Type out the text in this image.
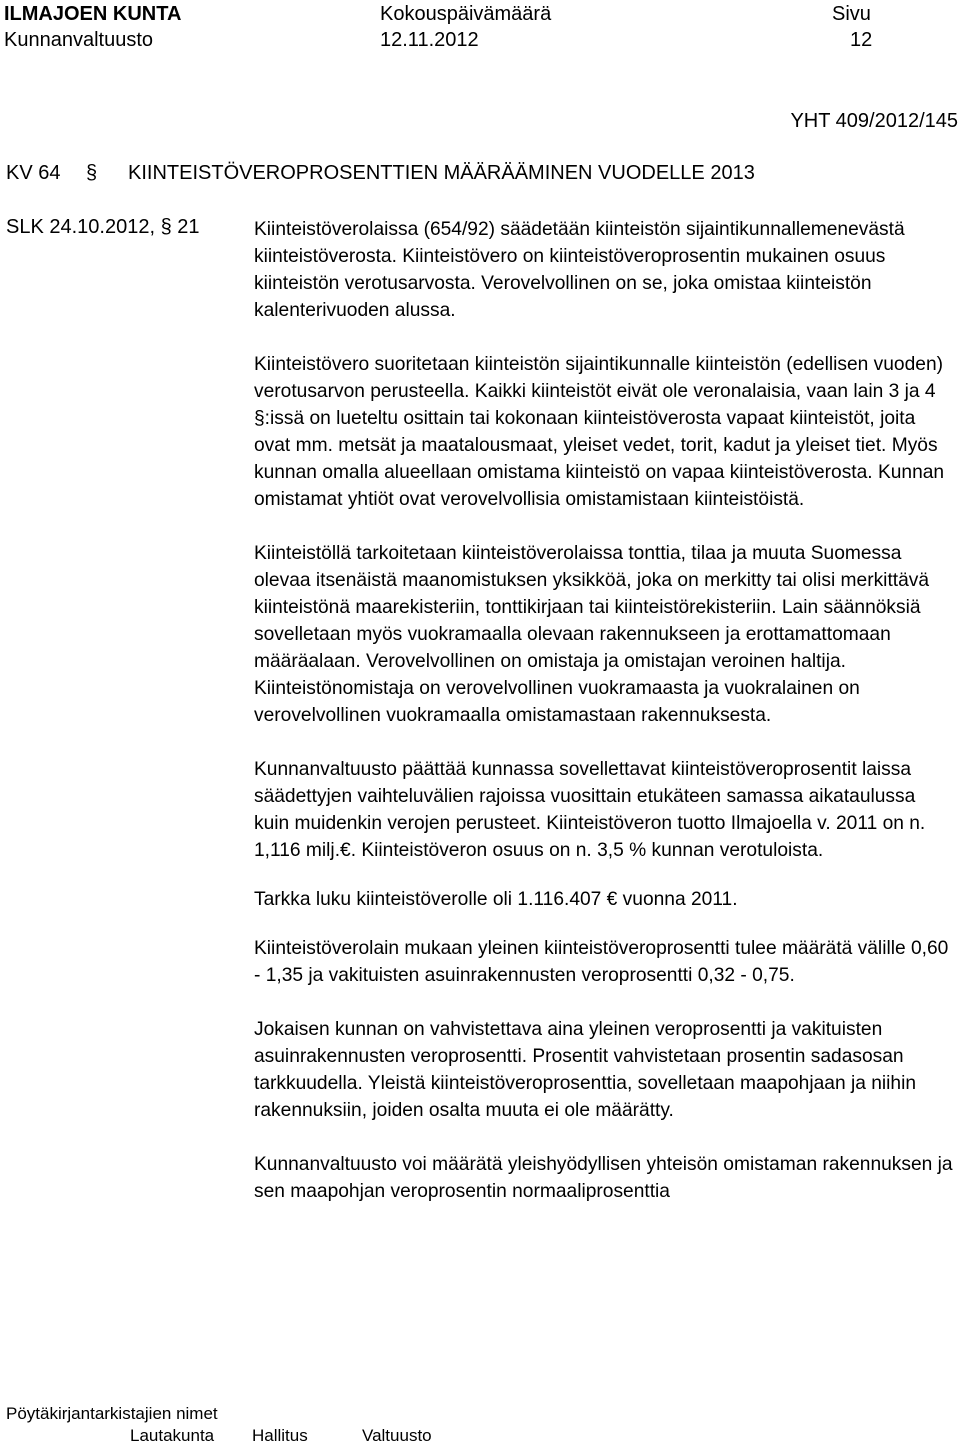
ILMAJOEN KUNTA
Kunnanvaltuusto
Kokouspäivämäärä
12.11.2012
Sivu
12
YHT 409/2012/145
KV 64 § KIINTEISTÖVEROPROSENTTIEN MÄÄRÄÄMINEN VUODELLE 2013
SLK 24.10.2012, § 21	Kiinteistöverolaissa (654/92) säädetään kiinteistön sijaintikunnallemenevästä kiinteistöverosta. Kiinteistövero on kiinteistöveroprosentin mukainen osuus kiinteistön verotusarvosta. Verovelvollinen on se, joka omistaa kiinteistön kalenterivuoden alussa.

Kiinteistövero suoritetaan kiinteistön sijaintikunnalle kiinteistön (edellisen vuoden) verotusarvon perusteella. Kaikki kiinteistöt eivät ole veronalaisia, vaan lain 3 ja 4 §:issä on lueteltu osittain tai kokonaan kiinteistöverosta vapaat kiinteistöt, joita ovat mm. metsät ja maatalousmaat, yleiset vedet, torit, kadut ja yleiset tiet. Myös kunnan omalla alueellaan omistama kiinteistö on vapaa kiinteistöverosta. Kunnan omistamat yhtiöt ovat verovelvollisia omistamistaan kiinteistöistä.

Kiinteistöllä tarkoitetaan kiinteistöverolaissa tonttia, tilaa ja muuta Suomessa olevaa itsenäistä maanomistuksen yksikköä, joka on merkitty tai olisi merkittävä kiinteistönä maarekisteriin, tonttikirjaan tai kiinteistörekisteriin. Lain säännöksiä sovelletaan myös vuokramaalla olevaan rakennukseen ja erottamattomaan määräalaan. Verovelvollinen on omistaja ja omistajan veroinen haltija. Kiinteistönomistaja on verovelvollinen vuokramaasta ja vuokralainen on verovelvollinen vuokramaalla omistamastaan rakennuksesta.

Kunnanvaltuusto päättää kunnassa sovellettavat kiinteistöveroprosentit laissa säädettyjen vaihteluvälien rajoissa vuosittain etukäteen samassa aikataulussa kuin muidenkin verojen perusteet. Kiinteistöveron tuotto Ilmajoella v. 2011 on n. 1,116 milj.€. Kiinteistöveron osuus on n. 3,5 % kunnan verotuloista.

Tarkka luku kiinteistöverolle oli 1.116.407 € vuonna 2011.

Kiinteistöverolain mukaan yleinen kiinteistöveroprosentti tulee määrätä välille 0,60 - 1,35 ja vakituisten asuinrakennusten veroprosentti 0,32 - 0,75.

Jokaisen kunnan on vahvistettava aina yleinen veroprosentti ja vakituisten asuinrakennusten veroprosentti. Prosentit vahvistetaan prosentin sadasosan tarkkuudella. Yleistä kiinteistöveroprosenttia, sovelletaan maapohjaan ja niihin rakennuksiin, joiden osalta muuta ei ole määrätty.

Kunnanvaltuusto voi määrätä yleishyödyllisen yhteisön omistaman rakennuksen ja sen maapohjan veroprosentin normaaliprosenttia

Pöytäkirjantarkistajien nimet
Lautakunta Hallitus	Valtuusto
